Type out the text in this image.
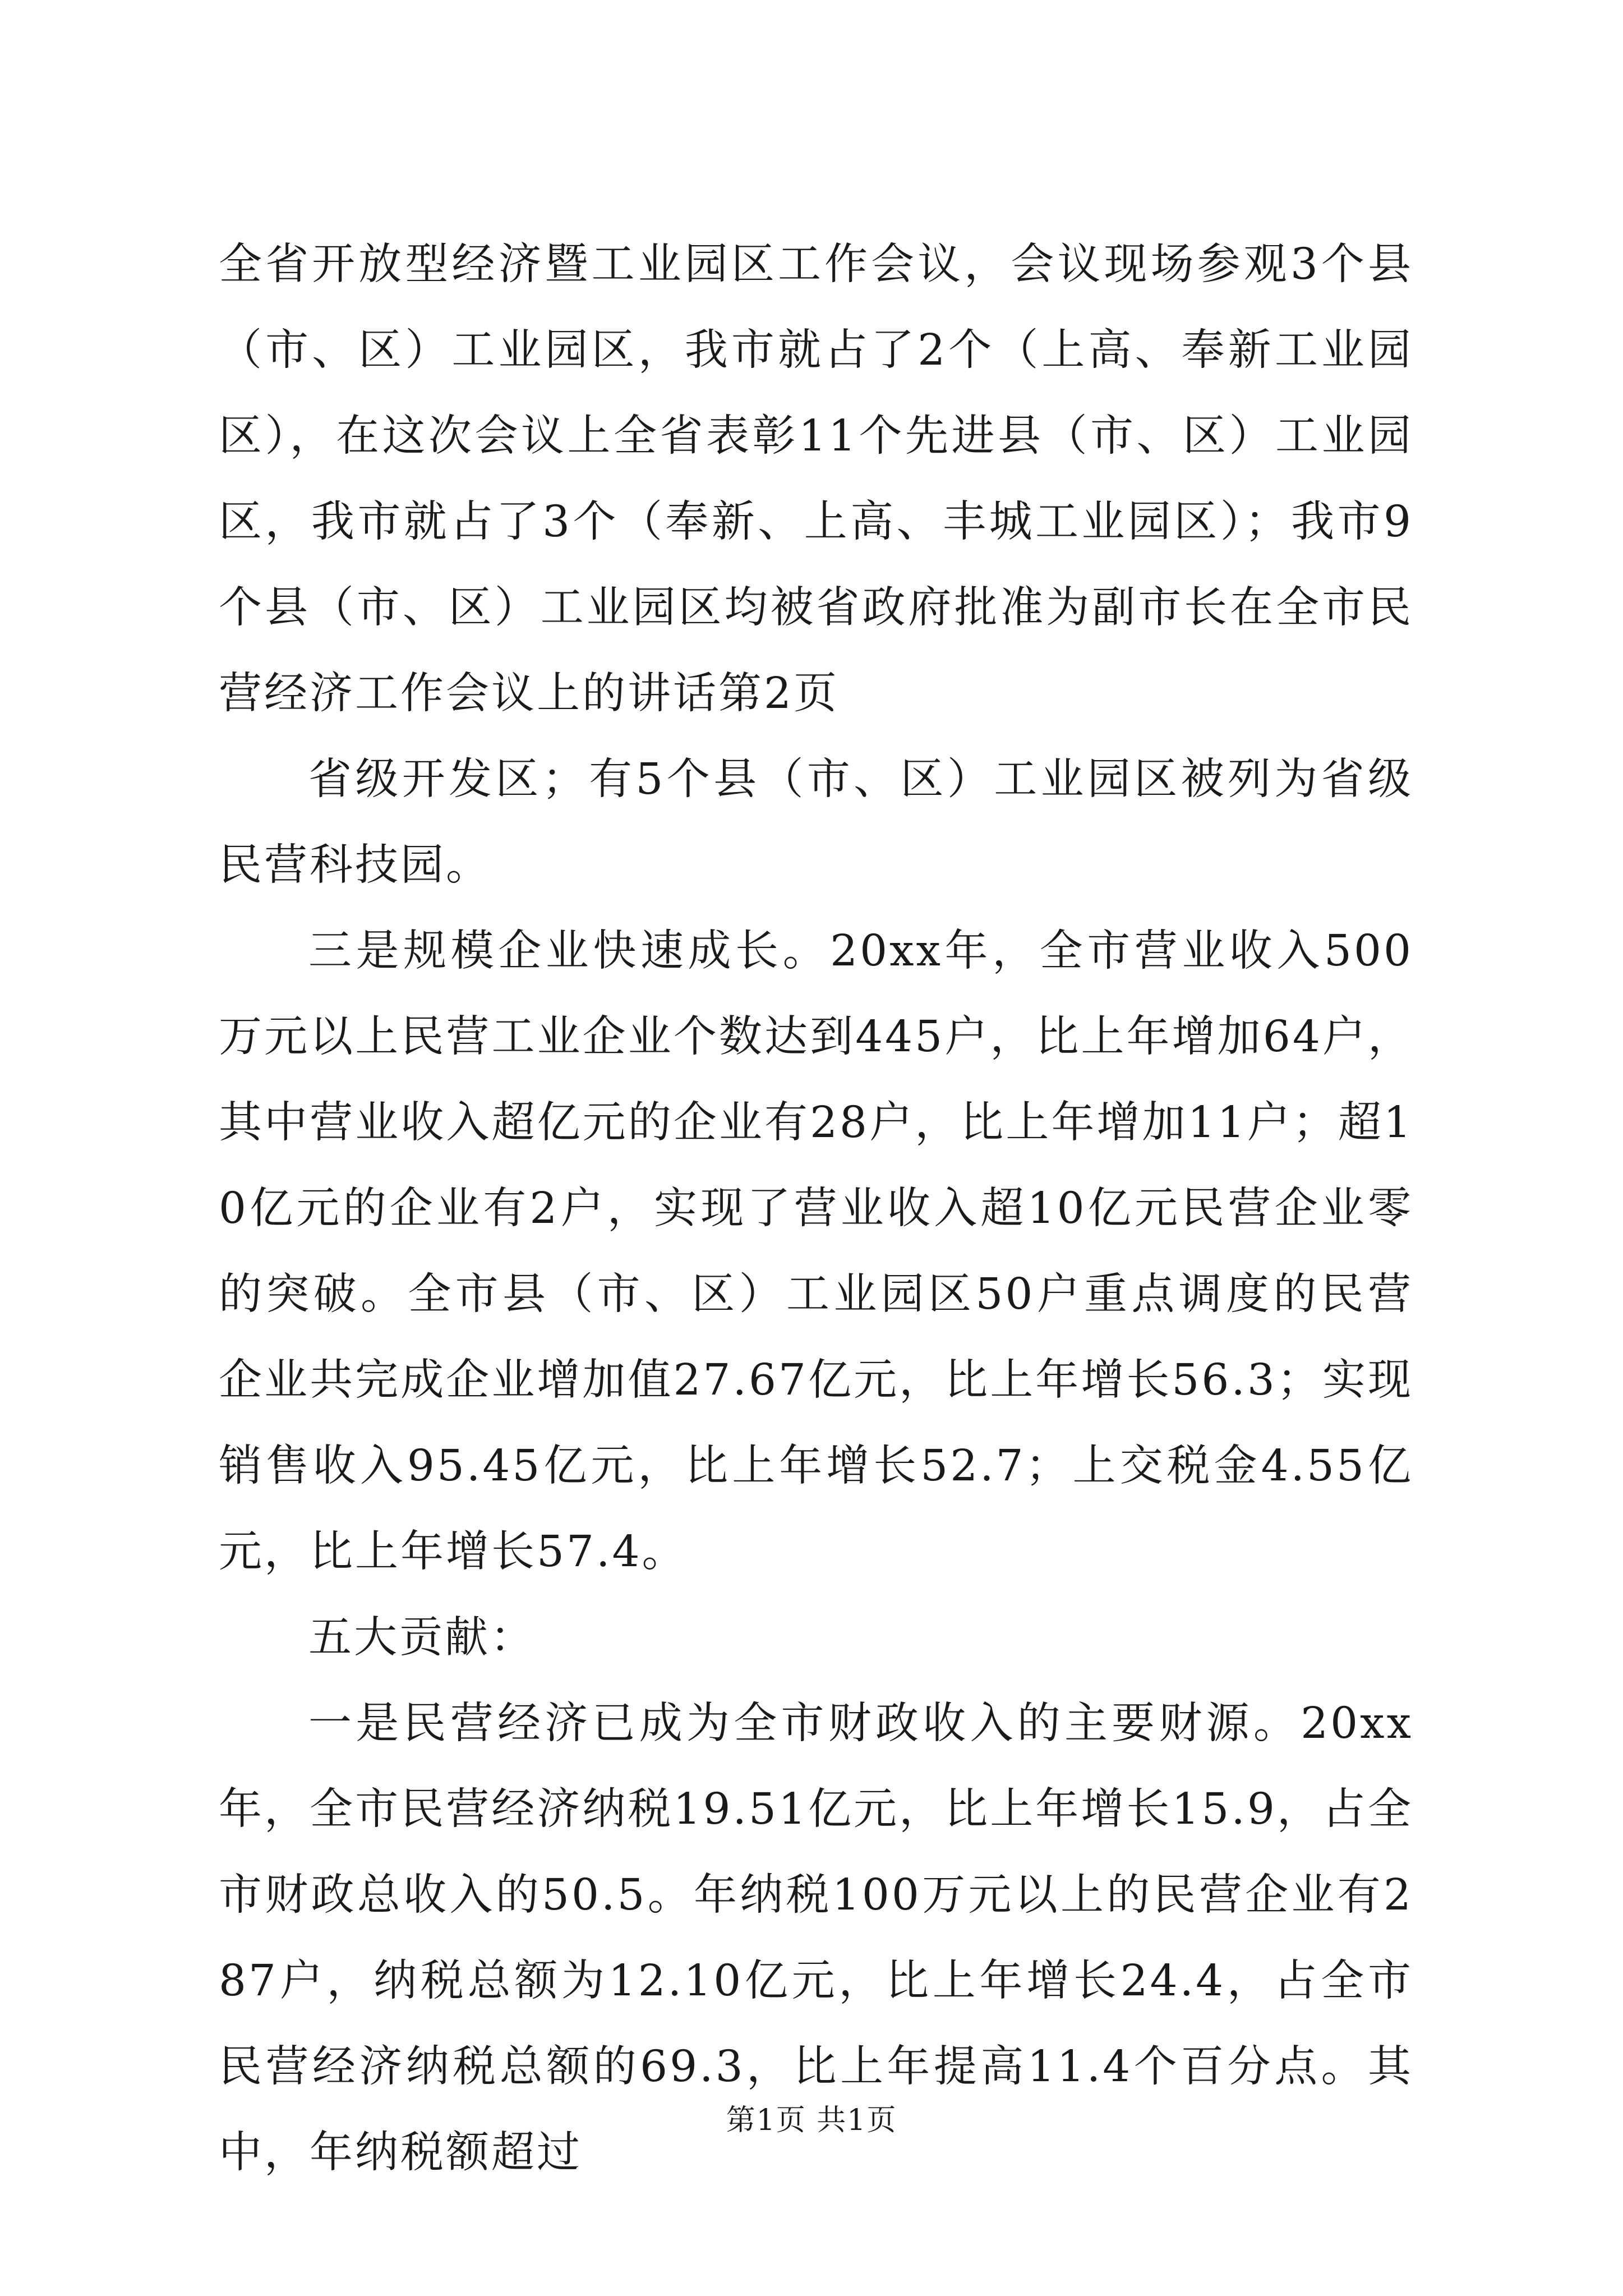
全省开放型经济暨工业园区工作会议，会议现场参观3个县（市、区）工业园区，我市就占了2个（上高、奉新工业园区），在这次会议上全省表彰11个先进县（市、区）工业园区，我市就占了3个（奉新、上高、丰城工业园区）；我市9个县（市、区）工业园区均被省政府批准为副市长在全市民营经济工作会议上的讲话第2页

省级开发区；有5个县（市、区）工业园区被列为省级民营科技园。

三是规模企业快速成长。20xx年，全市营业收入500万元以上民营工业企业个数达到445户，比上年增加64户，其中营业收入超亿元的企业有28户，比上年增加11户；超10亿元的企业有2户，实现了营业收入超10亿元民营企业零的突破。全市县（市、区）工业园区50户重点调度的民营企业共完成企业增加值27.67亿元，比上年增长56.3；实现销售收入95.45亿元，比上年增长52.7；上交税金4.55亿元，比上年增长57.4。

五大贡献：

一是民营经济已成为全市财政收入的主要财源。20xx年，全市民营经济纳税19.51亿元，比上年增长15.9，占全市财政总收入的50.5。年纳税100万元以上的民营企业有287户，纳税总额为12.10亿元，比上年增长24.4，占全市民营经济纳税总额的69.3，比上年提高11.4个百分点。其中，年纳税额超过

第1页 共1页
